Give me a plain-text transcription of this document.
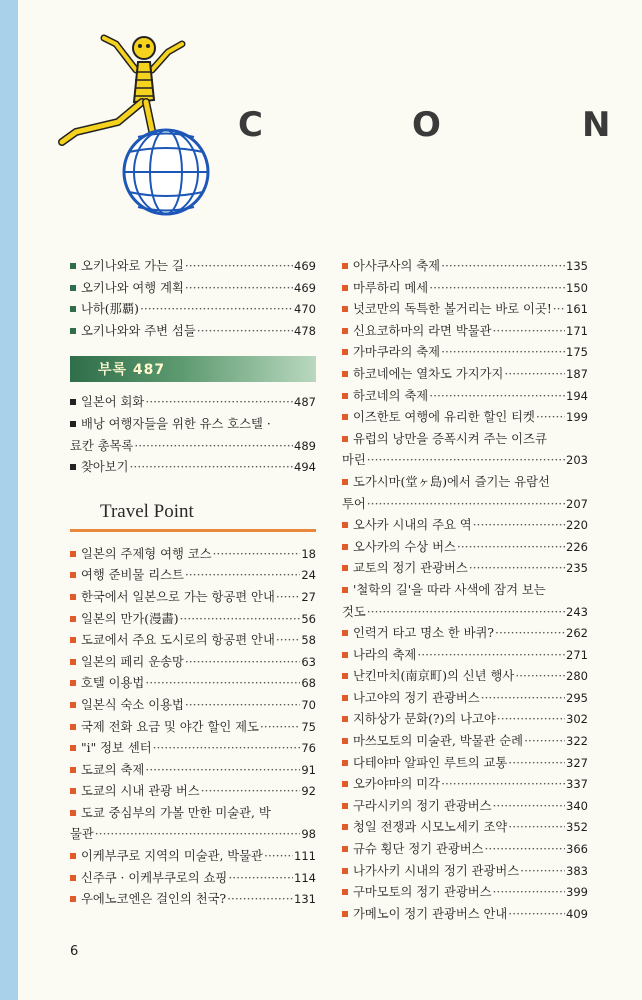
C	O	N
오키나와로 가는 길 ·····	469
오키나와 여행 계획 ·····	469
나하(那覇) ·····	470
오키나와와 주변 섬들 ·····	478
부록 487
일본어 회화 ·····	487
배낭 여행자들을 위한 유스 호스텔 ·
료칸 총목록 ·····	489
찾아보기 ·····	494
Travel Point
일본의 주제형 여행 코스 ·····	18
여행 준비물 리스트 ·····	24
한국에서 일본으로 가는 항공편 안내 ····· 27
일본의 만가(漫畵) ·····	56
도쿄에서 주요 도시로의 항공편 안내 ····· 58
일본의 페리 운송망 ·····	63
호텔 이용법 ·····	68
일본식 숙소 이용법 ·····	70
국제 전화 요금 및 야간 할인 제도 ·····	75
"i" 정보 센터 ·····	76
도쿄의 축제 ·····	91
도쿄의 시내 관광 버스 ·····	92
도쿄 중심부의 가볼 만한 미술관, 박
물관 ·····	98
이케부쿠로 지역의 미술관, 박물관 ·····	111
신주쿠 · 이케부쿠로의 쇼핑 ·····	114
우에노코엔은 걸인의 천국? ·····	131
아사쿠사의 축제 ·····	135
마루하리 메세 ·····	150
넛코만의 독특한 볼거리는 바로 이곳! ····· 161
신요코하마의 라면 박물관 ·····	171
가마쿠라의 축제 ·····	175
하코네에는 열차도 가지가지 ·····	187
하코네의 축제 ·····	194
이즈한토 여행에 유리한 할인 티켓 ·····	199
유럽의 낭만을 증폭시켜 주는 이즈큐
마린 ·····	203
도가시마(堂ヶ島)에서 즐기는 유람선
투어 ·····	207
오사카 시내의 주요 역 ·····	220
오사카의 수상 버스 ·····	226
교토의 정기 관광버스 ·····	235
'철학의 길'을 따라 사색에 잠겨 보는
것도 ·····	243
인력거 타고 명소 한 바퀴? ·····	262
나라의 축제 ·····	271
난킨마치(南京町)의 신년 행사 ·····	280
나고야의 정기 관광버스 ·····	295
지하상가 문화(?)의 나고야 ·····	302
마쓰모토의 미술관, 박물관 순례 ·····	322
다테야마 알파인 루트의 교통 ·····	327
오카야마의 미각 ·····	337
구라시키의 정기 관광버스 ·····	340
청일 전쟁과 시모노세키 조약 ·····	352
규슈 횡단 정기 관광버스 ·····	366
나가사키 시내의 정기 관광버스 ·····	383
구마모토의 정기 관광버스 ·····	399
가메노이 정기 관광버스 안내 ·····	409
6
